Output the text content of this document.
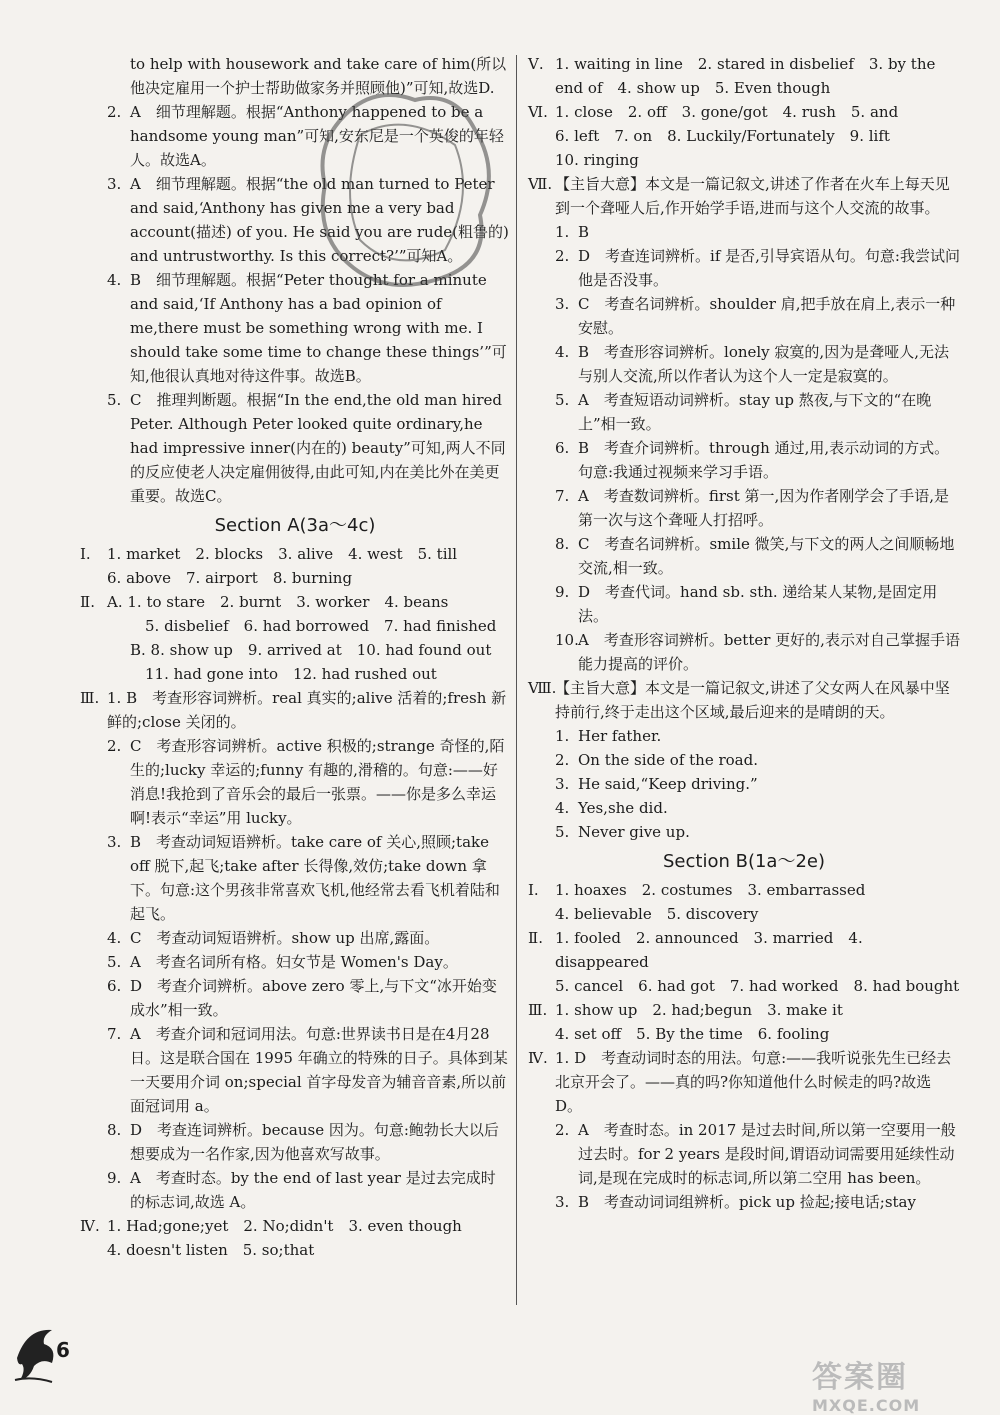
to help with housework and take care of him(所以他决定雇用一个护士帮助做家务并照顾他)”可知,故选D.
2. A　细节理解题。根据“Anthony happened to be a handsome young man”可知,安东尼是一个英俊的年轻人。故选A。
3. A　细节理解题。根据“the old man turned to Peter and said,‘Anthony has given me a very bad account(描述) of you. He said you are rude(粗鲁的) and untrustworthy. Is this correct?’”可知A。
4. B　细节理解题。根据“Peter thought for a minute and said,‘If Anthony has a bad opinion of me,there must be something wrong with me. I should take some time to change these things’”可知,他很认真地对待这件事。故选B。
5. C　推理判断题。根据“In the end,the old man hired Peter. Although Peter looked quite ordinary,he had impressive inner(内在的) beauty”可知,两人不同的反应使老人决定雇佣彼得,由此可知,内在美比外在美更重要。故选C。
Section A(3a～4c)
Ⅰ. 1. market　2. blocks　3. alive　4. west　5. till
6. above　7. airport　8. burning
Ⅱ. A. 1. to stare　2. burnt　3. worker　4. beans
　5. disbelief　6. had borrowed　7. had finished
B. 8. show up　9. arrived at　10. had found out
　11. had gone into　12. had rushed out
Ⅲ. 1. B　考查形容词辨析。real 真实的;alive 活着的;fresh 新鲜的;close 关闭的。
2. C　考查形容词辨析。active 积极的;strange 奇怪的,陌生的;lucky 幸运的;funny 有趣的,滑稽的。句意:——好消息!我抢到了音乐会的最后一张票。——你是多么幸运啊!表示“幸运”用 lucky。
3. B　考查动词短语辨析。take care of 关心,照顾;take off 脱下,起飞;take after 长得像,效仿;take down 拿下。句意:这个男孩非常喜欢飞机,他经常去看飞机着陆和起飞。
4. C　考查动词短语辨析。show up 出席,露面。
5. A　考查名词所有格。妇女节是 Women's Day。
6. D　考查介词辨析。above zero 零上,与下文“冰开始变成水”相一致。
7. A　考查介词和冠词用法。句意:世界读书日是在4月28日。这是联合国在 1995 年确立的特殊的日子。具体到某一天要用介词 on;special 首字母发音为辅音音素,所以前面冠词用 a。
8. D　考查连词辨析。because 因为。句意:鲍勃长大以后想要成为一名作家,因为他喜欢写故事。
9. A　考查时态。by the end of last year 是过去完成时的标志词,故选 A。
Ⅳ. 1. Had;gone;yet　2. No;didn't　3. even though
4. doesn't listen　5. so;that
Ⅴ. 1. waiting in line　2. stared in disbelief　3. by the end of　4. show up　5. Even though
Ⅵ. 1. close　2. off　3. gone/got　4. rush　5. and
6. left　7. on　8. Luckily/Fortunately　9. lift
10. ringing
Ⅶ. 【主旨大意】本文是一篇记叙文,讲述了作者在火车上每天见到一个聋哑人后,作开始学手语,进而与这个人交流的故事。
1. B
2. D　考查连词辨析。if 是否,引导宾语从句。句意:我尝试问他是否没事。
3. C　考查名词辨析。shoulder 肩,把手放在肩上,表示一种安慰。
4. B　考查形容词辨析。lonely 寂寞的,因为是聋哑人,无法与别人交流,所以作者认为这个人一定是寂寞的。
5. A　考查短语动词辨析。stay up 熬夜,与下文的“在晚上”相一致。
6. B　考查介词辨析。through 通过,用,表示动词的方式。句意:我通过视频来学习手语。
7. A　考查数词辨析。first 第一,因为作者刚学会了手语,是第一次与这个聋哑人打招呼。
8. C　考查名词辨析。smile 微笑,与下文的两人之间顺畅地交流,相一致。
9. D　考查代词。hand sb. sth. 递给某人某物,是固定用法。
10.A　考查形容词辨析。better 更好的,表示对自己掌握手语能力提高的评价。
Ⅷ.【主旨大意】本文是一篇记叙文,讲述了父女两人在风暴中坚持前行,终于走出这个区域,最后迎来的是晴朗的天。
1. Her father.
2. On the side of the road.
3. He said,“Keep driving.”
4. Yes,she did.
5. Never give up.
Section B(1a～2e)
Ⅰ. 1. hoaxes　2. costumes　3. embarrassed
4. believable　5. discovery
Ⅱ. 1. fooled　2. announced　3. married　4. disappeared
5. cancel　6. had got　7. had worked　8. had bought
Ⅲ. 1. show up　2. had;begun　3. make it
4. set off　5. By the time　6. fooling
Ⅳ. 1. D　考查动词时态的用法。句意:——我听说张先生已经去北京开会了。——真的吗?你知道他什么时候走的吗?故选 D。
2. A　考查时态。in 2017 是过去时间,所以第一空要用一般过去时。for 2 years 是段时间,谓语动词需要用延续性动词,是现在完成时的标志词,所以第二空用 has been。
3. B　考查动词词组辨析。pick up 捡起;接电话;stay
6
答案圈
MXQE.COM
